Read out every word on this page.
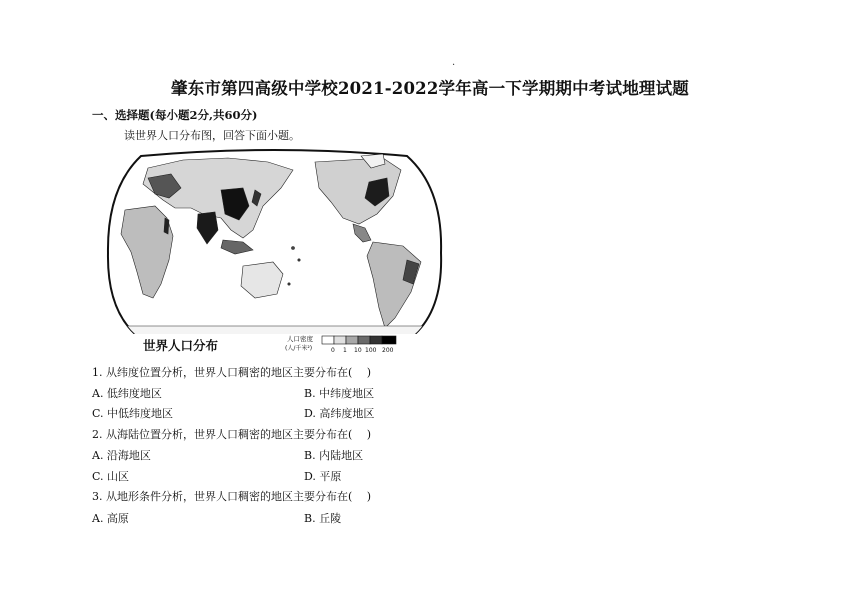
.
肇东市第四高级中学校2021-2022学年高一下学期期中考试地理试题
一、选择题(每小题2分,共60分)
读世界人口分布图，回答下面小题。
世界人口分布	人口密度
(人/千米²)	0 1 10 100 200
1. 从纬度位置分析，世界人口稠密的地区主要分布在(　 )
A. 低纬度地区	B. 中纬度地区
C. 中低纬度地区	D. 高纬度地区
2. 从海陆位置分析，世界人口稠密的地区主要分布在(　 )
A. 沿海地区	B. 内陆地区
C. 山区	D. 平原
3. 从地形条件分析，世界人口稠密的地区主要分布在(　 )
A. 高原	B. 丘陵
